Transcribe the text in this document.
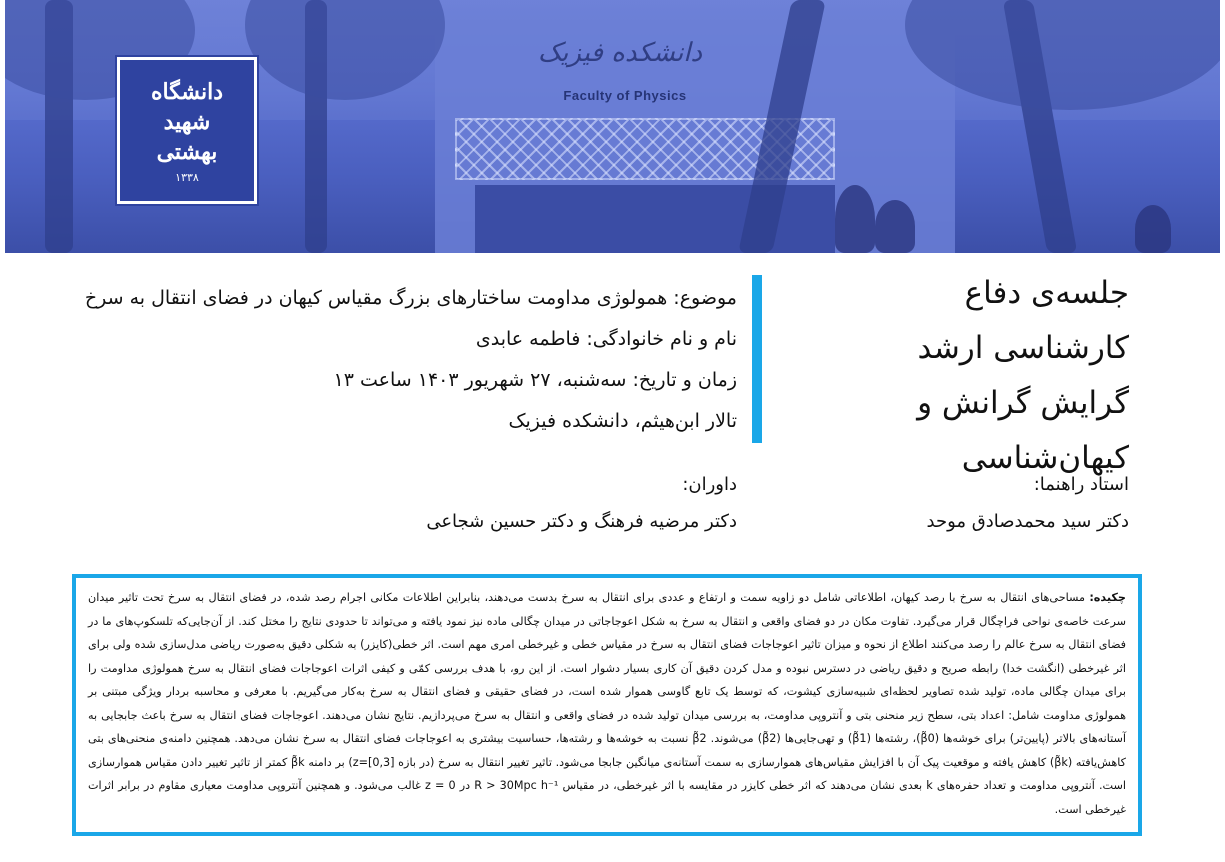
دانشکده فیزیک
Faculty of Physics
دانشگاه
شهید
بهشتی
۱۳۳۸
جلسه‌ی دفاع
کارشناسی ارشد
گرایش گرانش و کیهان‌شناسی
موضوع: همولوژی مداومت ساختارهای بزرگ مقیاس کیهان در فضای انتقال به سرخ
نام و نام خانوادگی: فاطمه عابدی
زمان و تاریخ: سه‌شنبه، ۲۷ شهریور ۱۴۰۳ ساعت ۱۳
تالار ابن‌هیثم، دانشکده فیزیک
استاد راهنما:
دکتر سید محمدصادق موحد
داوران:
دکتر مرضیه فرهنگ و دکتر حسین شجاعی
چکیده: مساحی‌های انتقال به سرخ با رصد کیهان، اطلاعاتی شامل دو زاویه سمت و ارتفاع و عددی برای انتقال به سرخ بدست می‌دهند، بنابراین اطلاعات مکانی اجرام رصد شده، در فضای انتقال به سرخ تحت تاثیر میدان سرعت خاصه‌ی نواحی فراچگال قرار می‌گیرد. تفاوت مکان در دو فضای واقعی و انتقال به سرخ به شکل اعوجاجاتی در میدان چگالی ماده نیز نمود یافته و می‌تواند تا حدودی نتایج را مختل کند. از آن‌جایی‌که تلسکوپ‌های ما در فضای انتقال به سرخ عالم را رصد می‌کنند اطلاع از نحوه و میزان تاثیر اعوجاجات فضای انتقال به سرخ در مقیاس خطی و غیرخطی امری مهم است. اثر خطی(کایزر) به شکلی دقیق به‌صورت ریاضی مدل‌سازی شده ولی برای اثر غیرخطی (انگشت خدا) رابطه صریح و دقیق ریاضی در دسترس نبوده و مدل کردن دقیق آن کاری بسیار دشوار است. از این رو، با هدف بررسی کمّی و کیفی اثرات اعوجاجات فضای انتقال به سرخ همولوژی مداومت را برای میدان چگالی ماده، تولید شده تصاویر لحظه‌ای شبیه‌سازی کیشوت، که توسط یک تابع گاوسی هموار شده است، در فضای حقیقی و فضای انتقال به سرخ به‌کار می‌گیریم. با معرفی و محاسبه بردار ویژگی مبتنی بر همولوژی مداومت شامل: اعداد بتی، سطح زیر منحنی بتی و آنتروپی مداومت، به بررسی میدان تولید شده در فضای واقعی و انتقال به سرخ می‌پردازیم. نتایج نشان می‌دهند. اعوجاجات فضای انتقال به سرخ باعث جابجایی به آستانه‌های بالاتر (پایین‌تر) برای خوشه‌ها (β̃0)، رشته‌ها (β̃1) و تهی‌جایی‌ها (β̃2) می‌شوند. β̃2 نسبت به خوشه‌ها و رشته‌ها، حساسیت بیشتری به اعوجاجات فضای انتقال به سرخ نشان می‌دهد. همچنین دامنه‌ی منحنی‌های بتی کاهش‌یافته (β̃k) کاهش یافته و موقعیت پیک آن با افزایش مقیاس‌های هموارسازی به سمت آستانه‌ی میانگین جابجا می‌شود. تاثیر تغییر انتقال به سرخ (در بازه z=[0,3]) بر دامنه β̃k کمتر از تاثیر تغییر دادن مقیاس هموارسازی است. آنتروپی مداومت و تعداد حفره‌های k بعدی نشان می‌دهند که اثر خطی کایزر در مقایسه با اثر غیرخطی، در مقیاس R > 30Mpc h⁻¹ در z = 0 غالب می‌شود. و همچنین آنتروپی مداومت معیاری مقاوم در برابر اثرات غیرخطی است.
